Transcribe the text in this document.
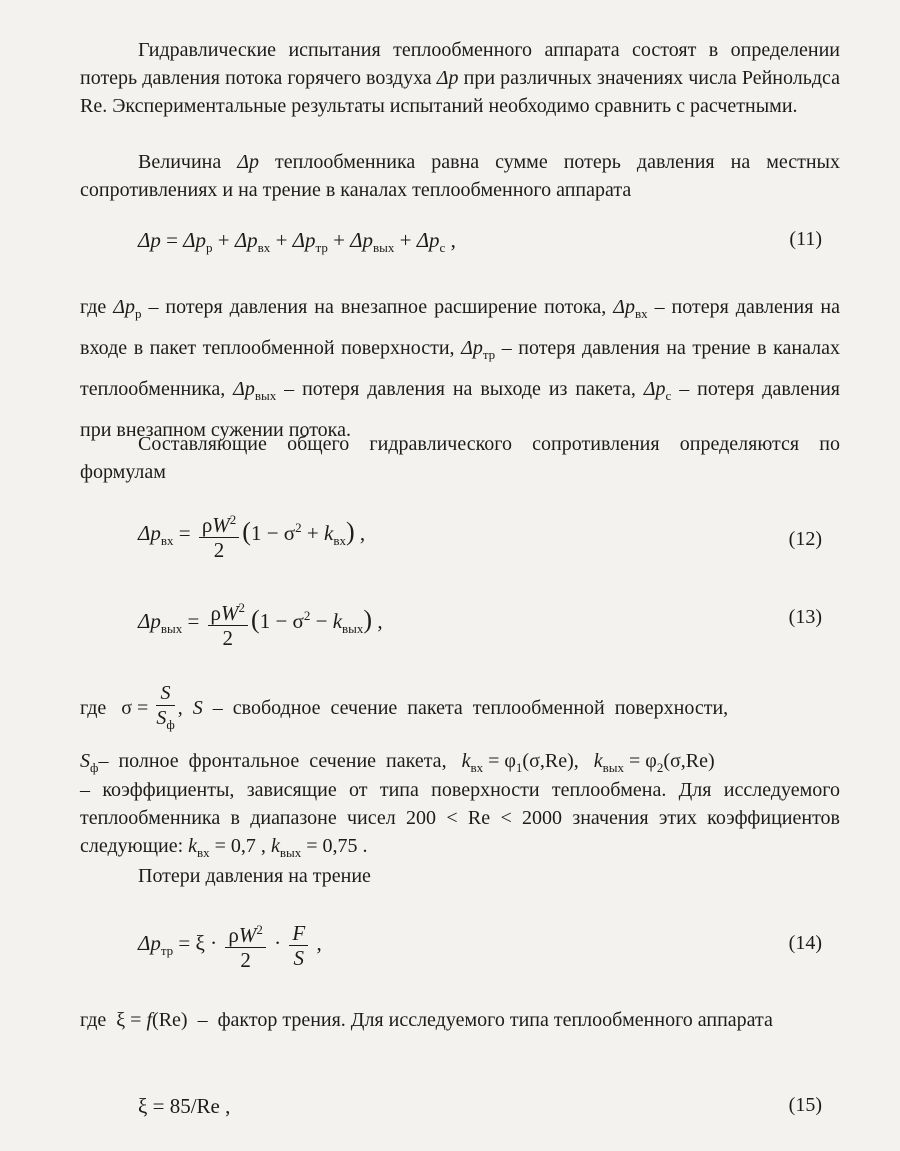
Гидравлические испытания теплообменного аппарата состоят в определении потерь давления потока горячего воздуха Δp при различных значениях числа Рейнольдса Re. Экспериментальные результаты испытаний необходимо сравнить с расчетными.
Величина Δp теплообменника равна сумме потерь давления на местных сопротивлениях и на трение в каналах теплообменного аппарата
$\Delta p = \Delta p_р + \Delta p_{вх} + \Delta p_{тр} + \Delta p_{вых} + \Delta p_с$ ,	(11)
где $\Delta p_р$ – потеря давления на внезапное расширение потока, $\Delta p_{вх}$ – потеря давления на входе в пакет теплообменной поверхности, $\Delta p_{тр}$ – потеря давления на трение в каналах теплообменника, $\Delta p_{вых}$ – потеря давления на выходе из пакета, $\Delta p_с$ – потеря давления при внезапном сужении потока.
Составляющие общего гидравлического сопротивления определяются по формулам
$\Delta p_{вх} = \frac{\rho W^2}{2} (1 - \sigma^2 + k_{вх})$ ,	(12)
$\Delta p_{вых} = \frac{\rho W^2}{2} (1 - \sigma^2 - k_{вых})$ ,	(13)
где   $\sigma = \frac{S}{S_ф}$ ,  S  –  свободное  сечение  пакета  теплообменной  поверхности,
$S_ф-$  полное  фронтальное  сечение  пакета,   $k_{вх} = \varphi_1(\sigma,Re)$,   $k_{вых} = \varphi_2(\sigma,Re)$
– коэффициенты, зависящие от типа поверхности теплообмена. Для исследуемого теплообменника в диапазоне чисел 200 < Re < 2000 значения этих коэффициентов следующие: $k_{вх} = 0,7$ , $k_{вых} = 0,75$ .
Потери давления на трение
$\Delta p_{тр} = \xi \cdot \frac{\rho W^2}{2} \cdot \frac{F}{S}$ ,	(14)
где  ξ = f(Re)  –  фактор трения. Для исследуемого типа теплообменного аппарата
ξ = 85/Re ,	(15)
